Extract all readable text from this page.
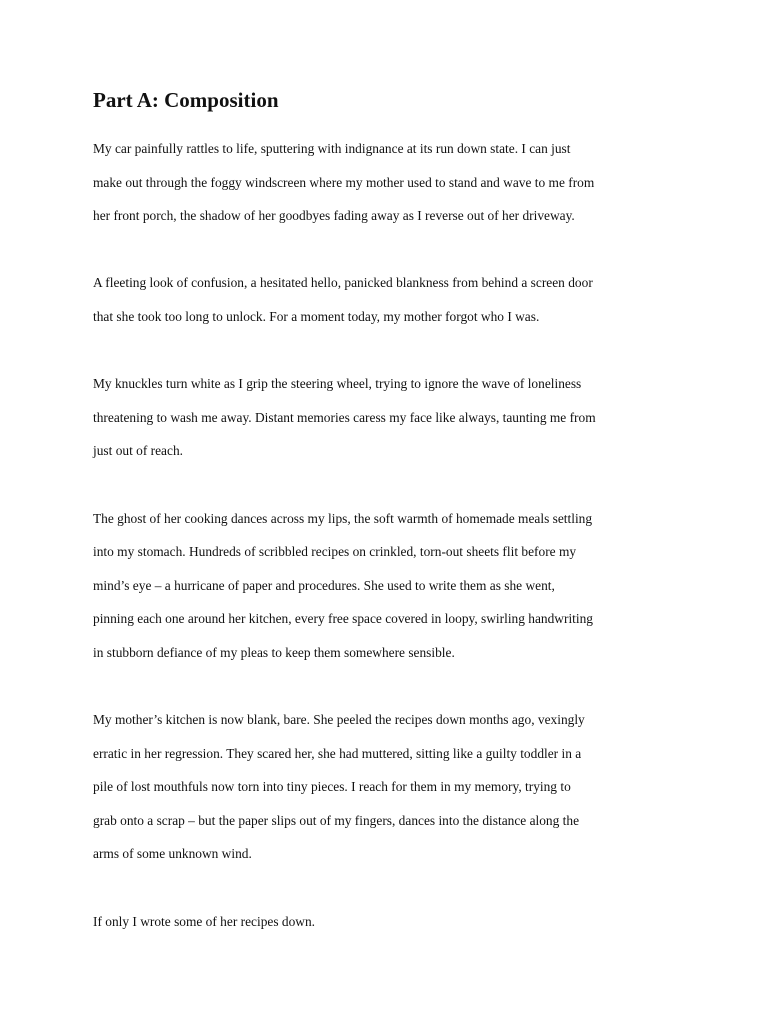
Part A: Composition

My car painfully rattles to life, sputtering with indignance at its run down state. I can just
make out through the foggy windscreen where my mother used to stand and wave to me from
her front porch, the shadow of her goodbyes fading away as I reverse out of her driveway.

A fleeting look of confusion, a hesitated hello, panicked blankness from behind a screen door
that she took too long to unlock. For a moment today, my mother forgot who I was.

My knuckles turn white as I grip the steering wheel, trying to ignore the wave of loneliness
threatening to wash me away. Distant memories caress my face like always, taunting me from
just out of reach.

The ghost of her cooking dances across my lips, the soft warmth of homemade meals settling
into my stomach. Hundreds of scribbled recipes on crinkled, torn-out sheets flit before my
mind’s eye – a hurricane of paper and procedures. She used to write them as she went,
pinning each one around her kitchen, every free space covered in loopy, swirling handwriting
in stubborn defiance of my pleas to keep them somewhere sensible.

My mother’s kitchen is now blank, bare. She peeled the recipes down months ago, vexingly
erratic in her regression. They scared her, she had muttered, sitting like a guilty toddler in a
pile of lost mouthfuls now torn into tiny pieces. I reach for them in my memory, trying to
grab onto a scrap – but the paper slips out of my fingers, dances into the distance along the
arms of some unknown wind.

If only I wrote some of her recipes down.
